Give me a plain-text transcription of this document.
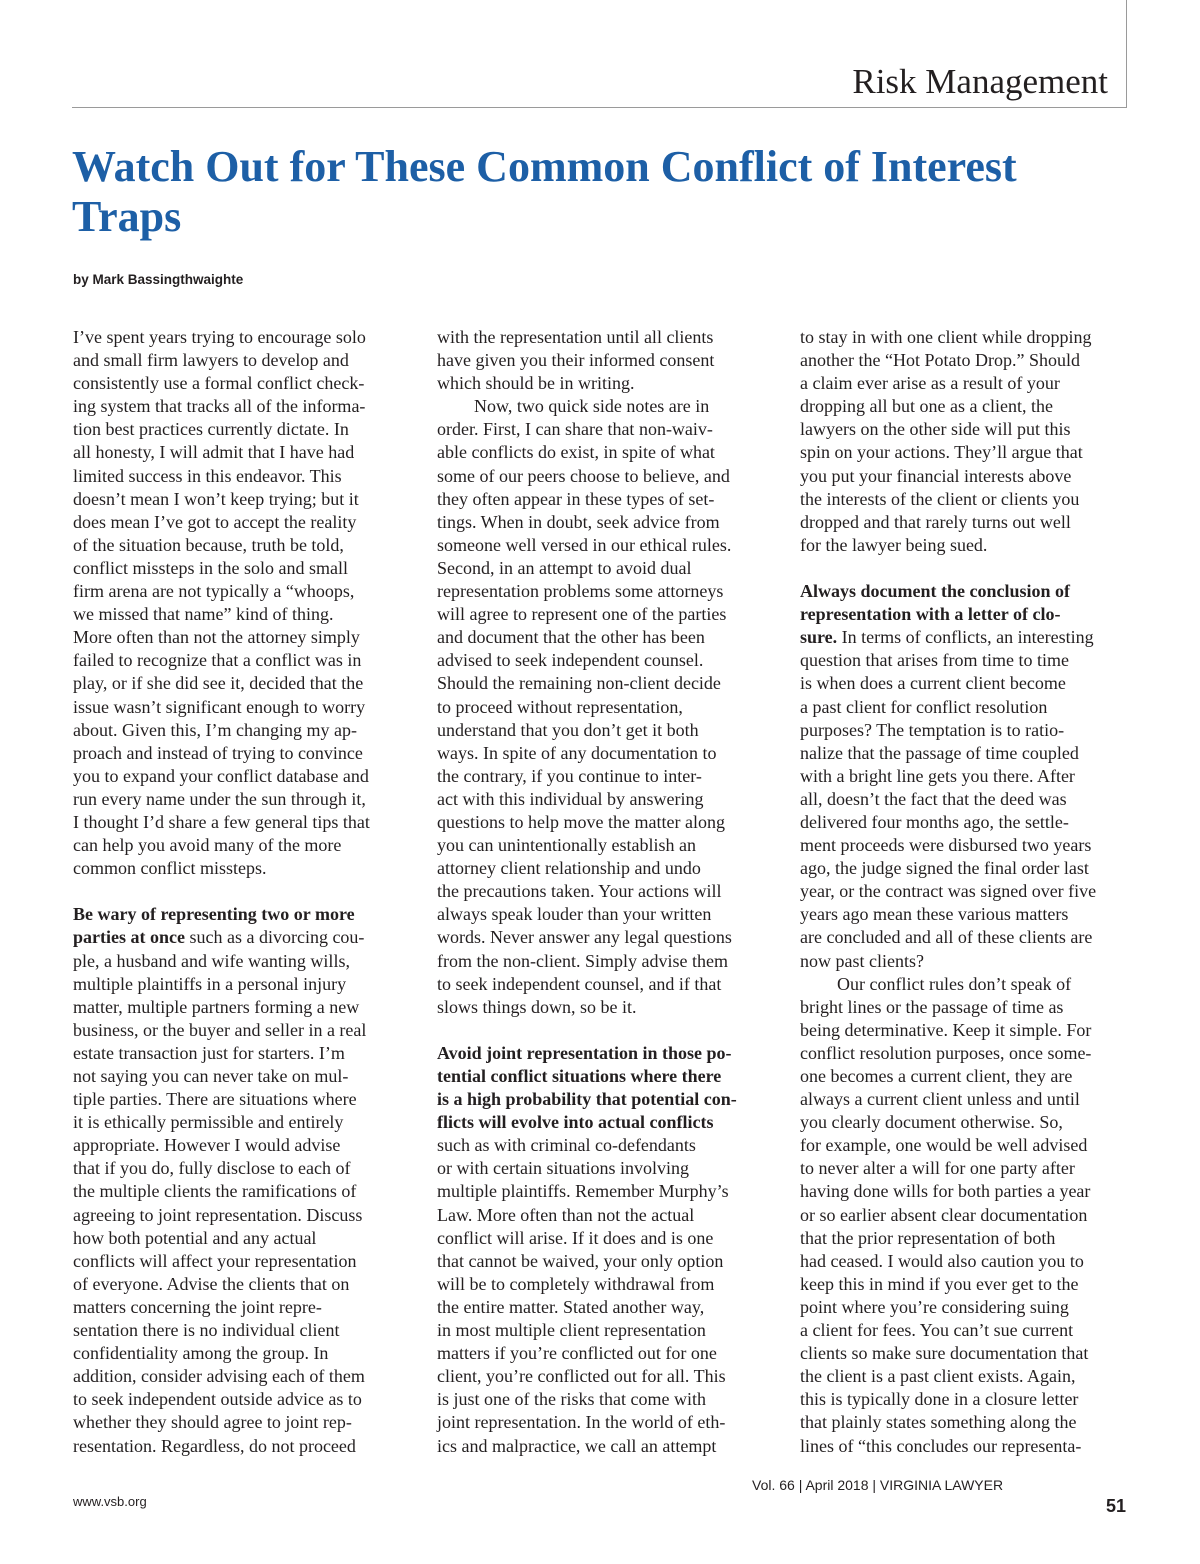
Risk Management
Watch Out for These Common Conflict of Interest Traps
by Mark Bassingthwaighte
I’ve spent years trying to encourage solo
and small firm lawyers to develop and
consistently use a formal conflict check-
ing system that tracks all of the informa-
tion best practices currently dictate. In
all honesty, I will admit that I have had
limited success in this endeavor. This
doesn’t mean I won’t keep trying; but it
does mean I’ve got to accept the reality
of the situation because, truth be told,
conflict missteps in the solo and small
firm arena are not typically a “whoops,
we missed that name” kind of thing.
More often than not the attorney simply
failed to recognize that a conflict was in
play, or if she did see it, decided that the
issue wasn’t significant enough to worry
about. Given this, I’m changing my ap-
proach and instead of trying to convince
you to expand your conflict database and
run every name under the sun through it,
I thought I’d share a few general tips that
can help you avoid many of the more
common conflict missteps.
Be wary of representing two or more
parties at once such as a divorcing cou-
ple, a husband and wife wanting wills,
multiple plaintiffs in a personal injury
matter, multiple partners forming a new
business, or the buyer and seller in a real
estate transaction just for starters. I’m
not saying you can never take on mul-
tiple parties. There are situations where
it is ethically permissible and entirely
appropriate. However I would advise
that if you do, fully disclose to each of
the multiple clients the ramifications of
agreeing to joint representation. Discuss
how both potential and any actual
conflicts will affect your representation
of everyone. Advise the clients that on
matters concerning the joint repre-
sentation there is no individual client
confidentiality among the group. In
addition, consider advising each of them
to seek independent outside advice as to
whether they should agree to joint rep-
resentation. Regardless, do not proceed
with the representation until all clients
have given you their informed consent
which should be in writing.
Now, two quick side notes are in
order. First, I can share that non-waiv-
able conflicts do exist, in spite of what
some of our peers choose to believe, and
they often appear in these types of set-
tings. When in doubt, seek advice from
someone well versed in our ethical rules.
Second, in an attempt to avoid dual
representation problems some attorneys
will agree to represent one of the parties
and document that the other has been
advised to seek independent counsel.
Should the remaining non-client decide
to proceed without representation,
understand that you don’t get it both
ways. In spite of any documentation to
the contrary, if you continue to inter-
act with this individual by answering
questions to help move the matter along
you can unintentionally establish an
attorney client relationship and undo
the precautions taken. Your actions will
always speak louder than your written
words. Never answer any legal questions
from the non-client. Simply advise them
to seek independent counsel, and if that
slows things down, so be it.
Avoid joint representation in those po-
tential conflict situations where there
is a high probability that potential con-
flicts will evolve into actual conflicts
such as with criminal co-defendants
or with certain situations involving
multiple plaintiffs. Remember Murphy’s
Law. More often than not the actual
conflict will arise. If it does and is one
that cannot be waived, your only option
will be to completely withdrawal from
the entire matter. Stated another way,
in most multiple client representation
matters if you’re conflicted out for one
client, you’re conflicted out for all. This
is just one of the risks that come with
joint representation. In the world of eth-
ics and malpractice, we call an attempt
to stay in with one client while dropping
another the “Hot Potato Drop.” Should
a claim ever arise as a result of your
dropping all but one as a client, the
lawyers on the other side will put this
spin on your actions. They’ll argue that
you put your financial interests above
the interests of the client or clients you
dropped and that rarely turns out well
for the lawyer being sued.
Always document the conclusion of
representation with a letter of clo-
sure. In terms of conflicts, an interesting
question that arises from time to time
is when does a current client become
a past client for conflict resolution
purposes? The temptation is to ratio-
nalize that the passage of time coupled
with a bright line gets you there. After
all, doesn’t the fact that the deed was
delivered four months ago, the settle-
ment proceeds were disbursed two years
ago, the judge signed the final order last
year, or the contract was signed over five
years ago mean these various matters
are concluded and all of these clients are
now past clients?
Our conflict rules don’t speak of
bright lines or the passage of time as
being determinative. Keep it simple. For
conflict resolution purposes, once some-
one becomes a current client, they are
always a current client unless and until
you clearly document otherwise. So,
for example, one would be well advised
to never alter a will for one party after
having done wills for both parties a year
or so earlier absent clear documentation
that the prior representation of both
had ceased. I would also caution you to
keep this in mind if you ever get to the
point where you’re considering suing
a client for fees. You can’t sue current
clients so make sure documentation that
the client is a past client exists. Again,
this is typically done in a closure letter
that plainly states something along the
lines of “this concludes our representa-
Vol. 66 | April 2018 | VIRGINIA LAWYER
www.vsb.org	51
